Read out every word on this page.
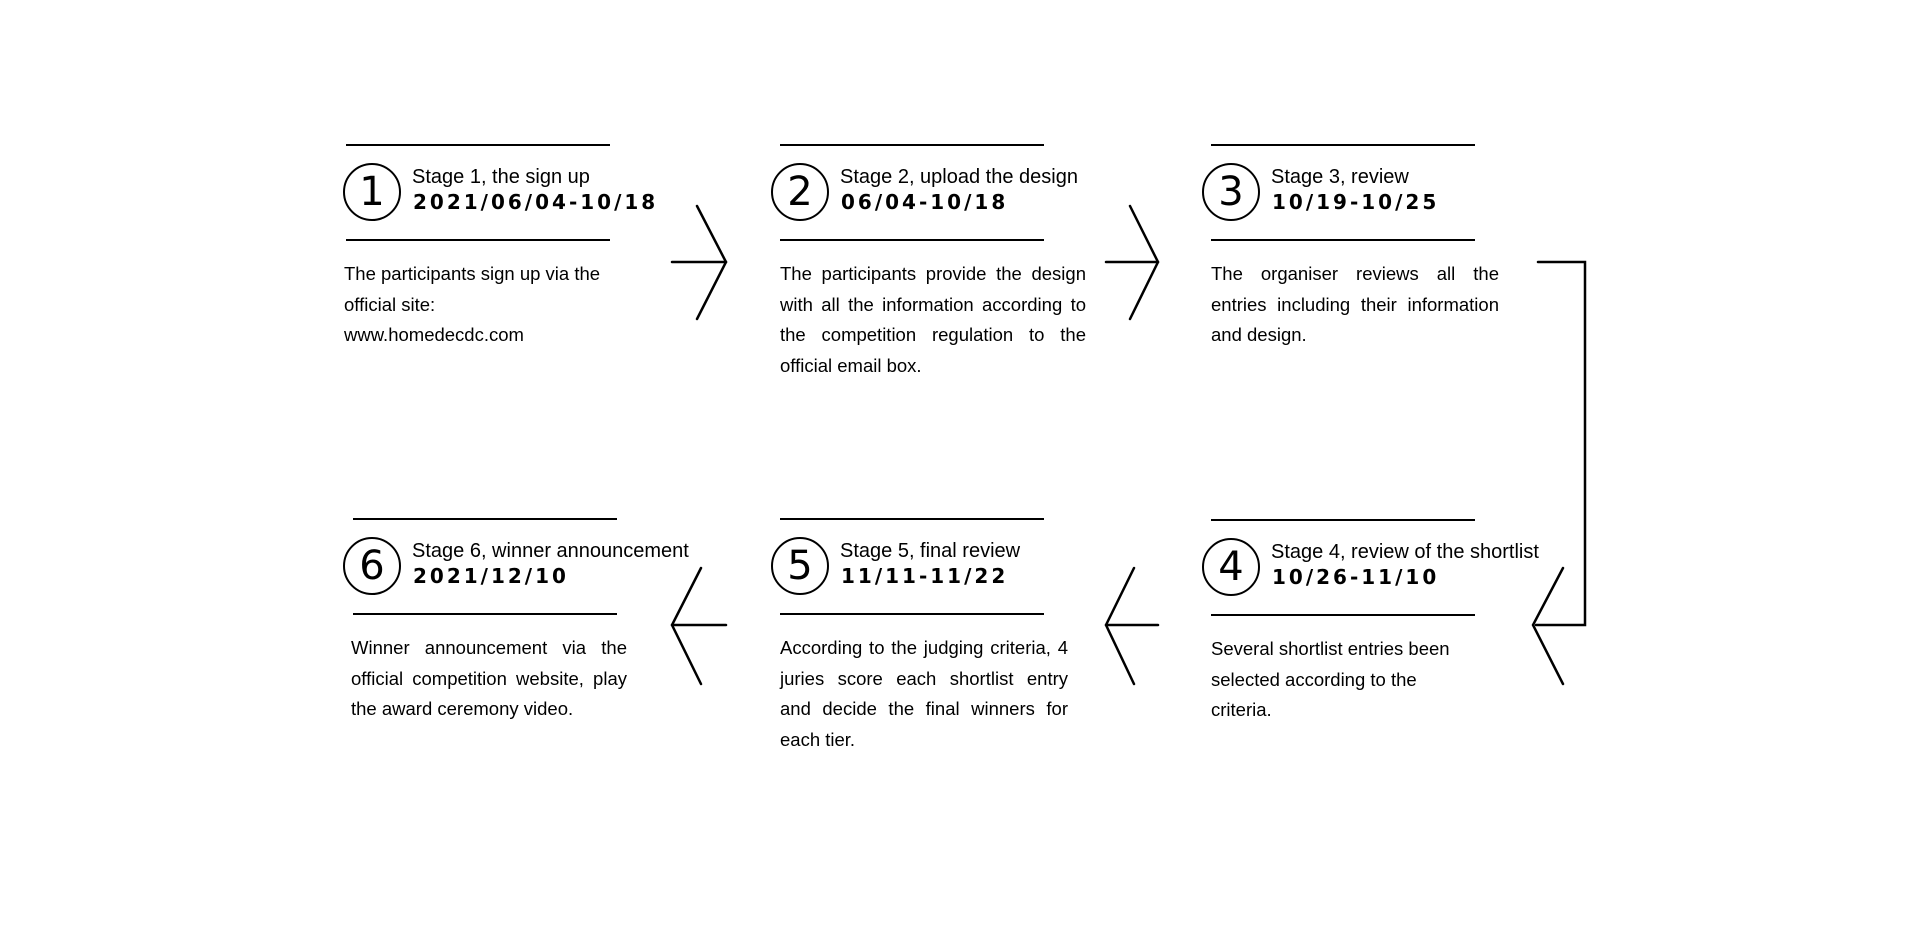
1	Stage 1, the sign up
2021/06/04-10/18
The participants sign up via the
official site:
www.homedecdc.com
2	Stage 2, upload the design
06/04-10/18

The participants provide the design with all the information according to the competition regulation to the official email box.

3	Stage 3, review
10/19-10/25

The organiser reviews all the entries including their information and design.

4	Stage 4, review of the shortlist
10/26-11/10
Several shortlist entries been
selected according to the
criteria.
5	Stage 5, final review
11/11-11/22

According to the judging criteria, 4 juries score each shortlist entry and decide the final winners for each tier.

6	Stage 6, winner announcement
2021/12/10

Winner announcement via the official competition website, play the award ceremony video.
